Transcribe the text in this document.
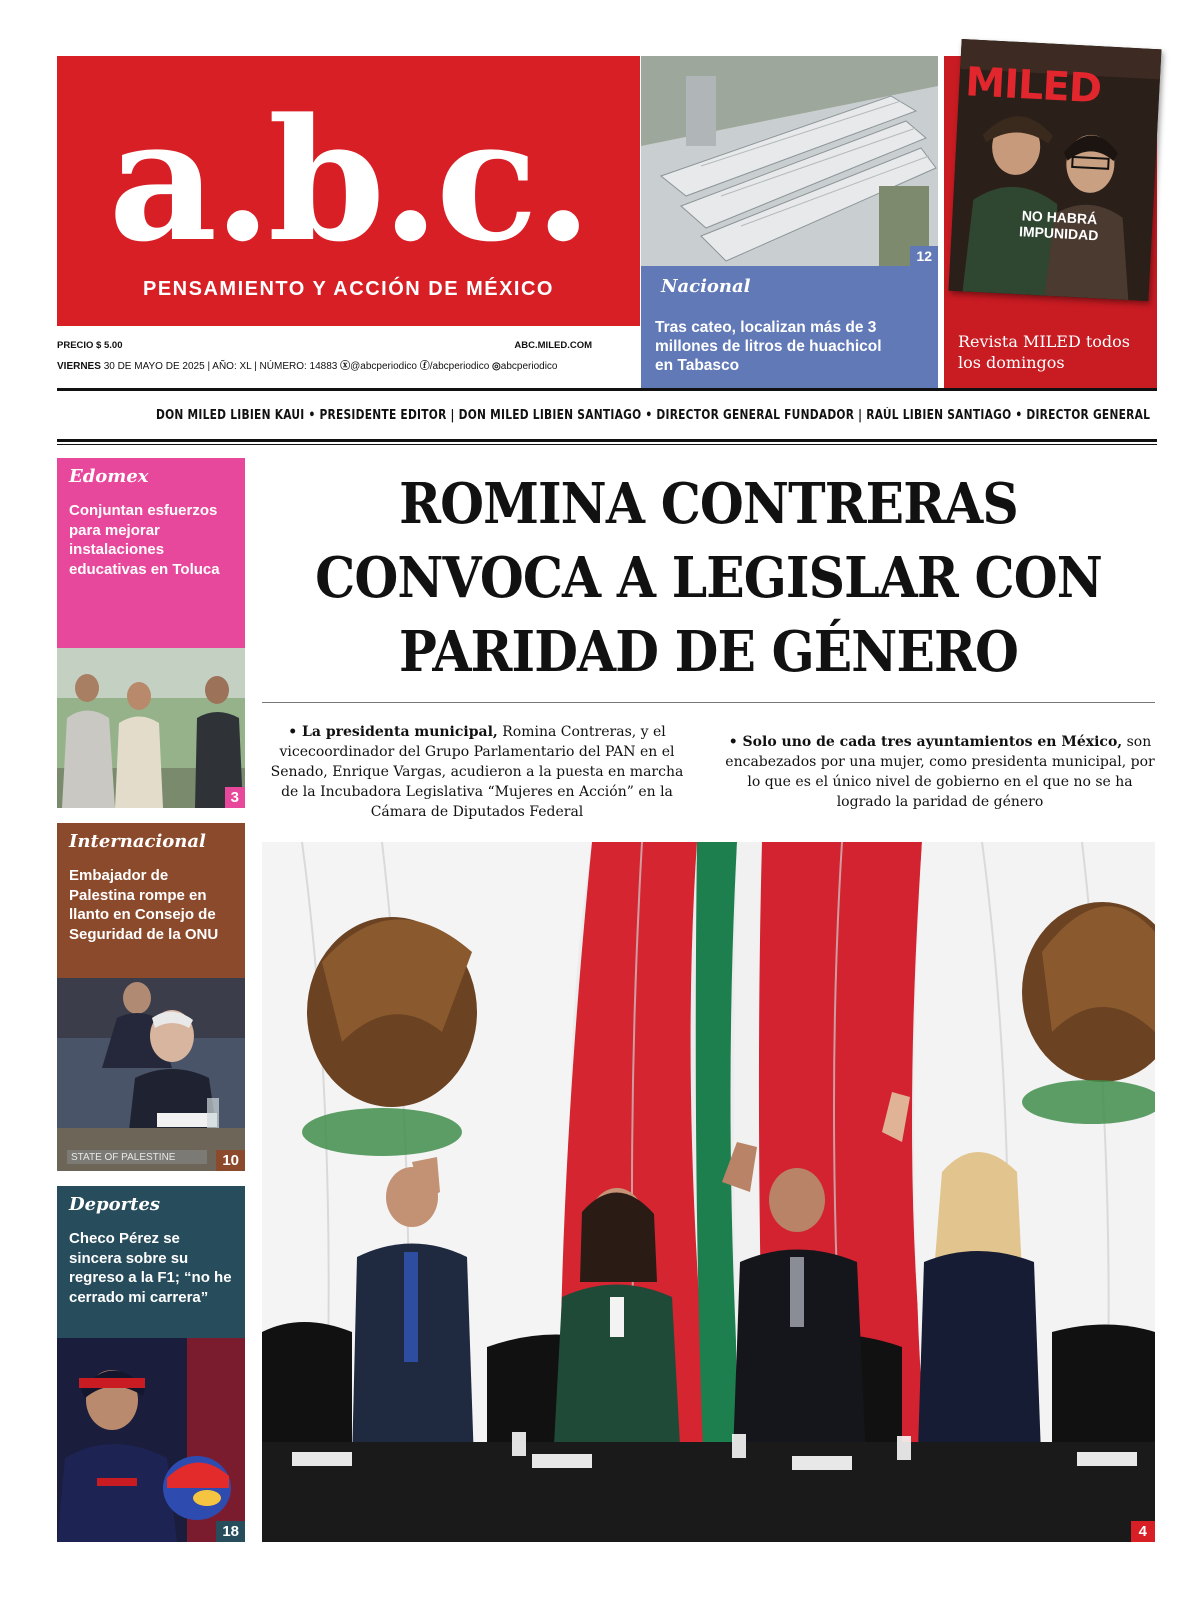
a.b.c.
PENSAMIENTO Y ACCIÓN DE MÉXICO
PRECIO $ 5.00	ABC.MILED.COM
VIERNES 30 DE MAYO DE 2025 | AÑO: XL | NÚMERO: 14883 ⓧ@abcperiodico ⓕ/abcperiodico ◎abcperiodico
12
Nacional
Tras cateo, localizan más de 3 millones de litros de huachicol en Tabasco
MILED
NO HABRÁ IMPUNIDAD
Revista MILED todos los domingos
DON MILED LIBIEN KAUI • PRESIDENTE EDITOR | DON MILED LIBIEN SANTIAGO • DIRECTOR GENERAL FUNDADOR | RAÚL LIBIEN SANTIAGO • DIRECTOR GENERAL
Edomex
Conjuntan esfuerzos para mejorar instalaciones educativas en Toluca
3
Internacional
Embajador de Palestina rompe en llanto en Consejo de Seguridad de la ONU
STATE OF PALESTINE	10
Deportes
Checo Pérez se sincera sobre su regreso a la F1; “no he cerrado mi carrera”
18
ROMINA CONTRERAS CONVOCA A LEGISLAR CON PARIDAD DE GÉNERO
• La presidenta municipal, Romina Contreras, y el vicecoordinador del Grupo Parlamentario del PAN en el Senado, Enrique Vargas, acudieron a la puesta en marcha de la Incubadora Legislativa “Mujeres en Acción” en la Cámara de Diputados Federal
• Solo uno de cada tres ayuntamientos en México, son encabezados por una mujer, como presidenta municipal, por lo que es el único nivel de gobierno en el que no se ha logrado la paridad de género
4
